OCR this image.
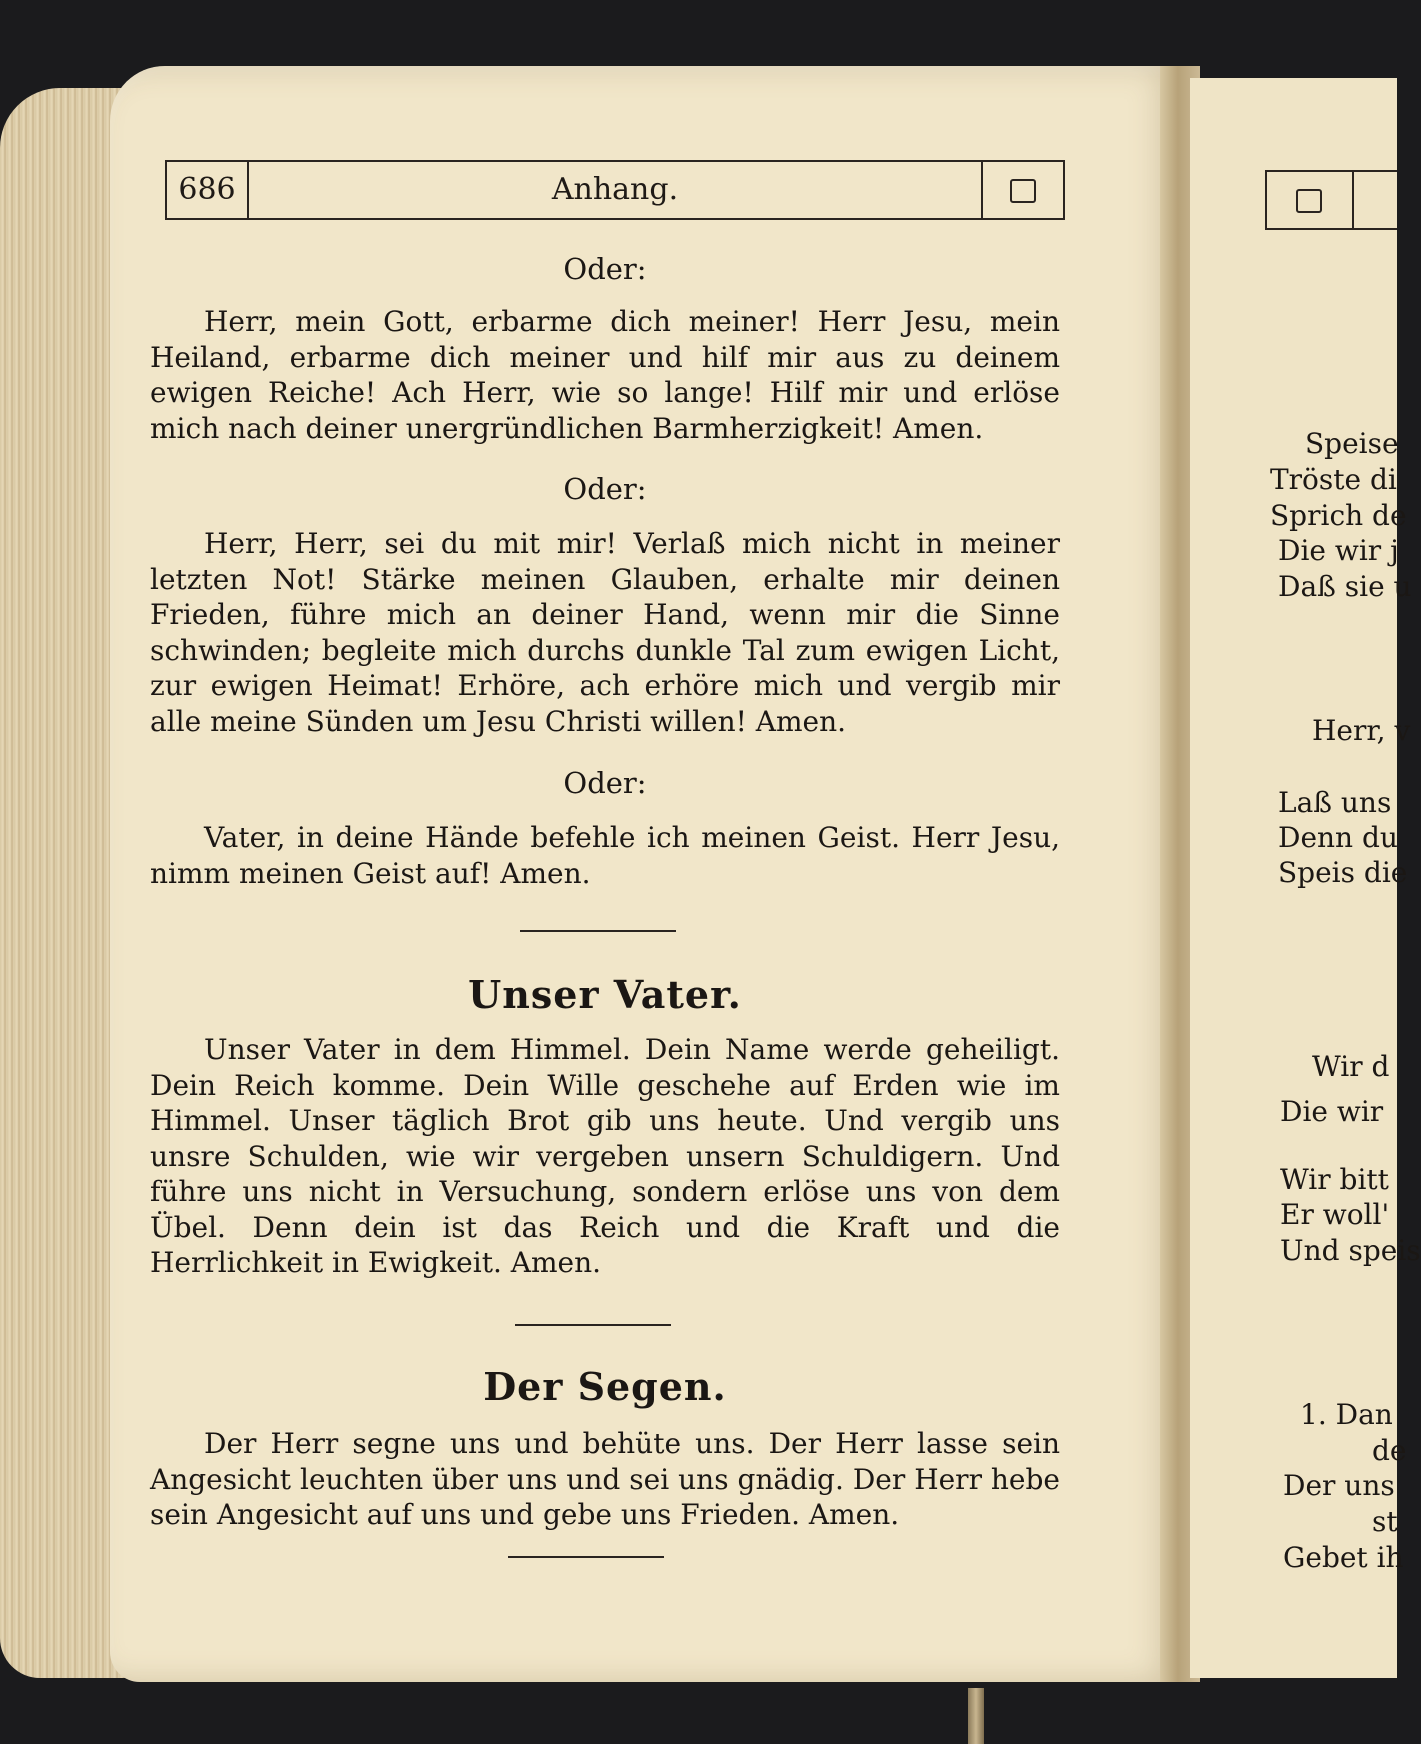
686	Anhang.
Oder:

Herr, mein Gott, erbarme dich meiner! Herr Jesu, mein Heiland, erbarme dich meiner und hilf mir aus zu deinem ewigen Reiche! Ach Herr, wie so lange! Hilf mir und erlöse mich nach deiner unergründlichen Barmherzigkeit! Amen.

Oder:

Herr, Herr, sei du mit mir! Verlaß mich nicht in meiner letzten Not! Stärke meinen Glauben, erhalte mir deinen Frieden, führe mich an deiner Hand, wenn mir die Sinne schwinden; begleite mich durchs dunkle Tal zum ewigen Licht, zur ewigen Heimat! Erhöre, ach erhöre mich und vergib mir alle meine Sünden um Jesu Christi willen! Amen.

Oder:

Vater, in deine Hände befehle ich meinen Geist. Herr Jesu, nimm meinen Geist auf! Amen.

Unser Vater.

Unser Vater in dem Himmel. Dein Name werde geheiligt. Dein Reich komme. Dein Wille geschehe auf Erden wie im Himmel. Unser täglich Brot gib uns heute. Und vergib uns unsre Schulden, wie wir vergeben unsern Schuldigern. Und führe uns nicht in Versuchung, sondern erlöse uns von dem Übel. Denn dein ist das Reich und die Kraft und die Herrlichkeit in Ewigkeit. Amen.

Der Segen.

Der Herr segne uns und behüte uns. Der Herr lasse sein Angesicht leuchten über uns und sei uns gnädig. Der Herr hebe sein Angesicht auf uns und gebe uns Frieden. Amen.

Speise
Tröste di
Sprich de
Die wir j
Daß sie u
Herr, v
Laß uns
Denn du
Speis die
Wir d
Die wir
Wir bitt
Er woll'
Und speis
1. Dan
de
Der uns
st
Gebet ih
